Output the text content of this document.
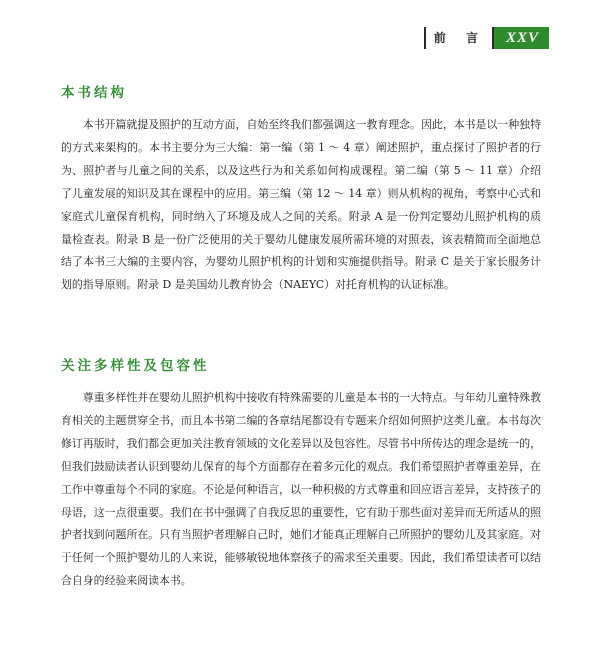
前 言	XXV
本书结构

本书开篇就提及照护的互动方面，自始至终我们都强调这一教育理念。因此，本书是以一种独特的方式来架构的。本书主要分为三大编：第一编（第 1 ～ 4 章）阐述照护，重点探讨了照护者的行为、照护者与儿童之间的关系，以及这些行为和关系如何构成课程。第二编（第 5 ～ 11 章）介绍了儿童发展的知识及其在课程中的应用。第三编（第 12 ～ 14 章）则从机构的视角，考察中心式和家庭式儿童保育机构，同时纳入了环境及成人之间的关系。附录 A 是一份判定婴幼儿照护机构的质量检查表。附录 B 是一份广泛使用的关于婴幼儿健康发展所需环境的对照表，该表精简而全面地总结了本书三大编的主要内容，为婴幼儿照护机构的计划和实施提供指导。附录 C 是关于家长服务计划的指导原则。附录 D 是美国幼儿教育协会（NAEYC）对托育机构的认证标准。

关注多样性及包容性

尊重多样性并在婴幼儿照护机构中接收有特殊需要的儿童是本书的一大特点。与年幼儿童特殊教育相关的主题贯穿全书，而且本书第二编的各章结尾都设有专题来介绍如何照护这类儿童。本书每次修订再版时，我们都会更加关注教育领域的文化差异以及包容性。尽管书中所传达的理念是统一的，但我们鼓励读者认识到婴幼儿保育的每个方面都存在着多元化的观点。我们希望照护者尊重差异，在工作中尊重每个不同的家庭。不论是何种语言，以一种积极的方式尊重和回应语言差异，支持孩子的母语，这一点很重要。我们在书中强调了自我反思的重要性，它有助于那些面对差异而无所适从的照护者找到问题所在。只有当照护者理解自己时，她们才能真正理解自己所照护的婴幼儿及其家庭。对于任何一个照护婴幼儿的人来说，能够敏锐地体察孩子的需求至关重要。因此，我们希望读者可以结合自身的经验来阅读本书。
